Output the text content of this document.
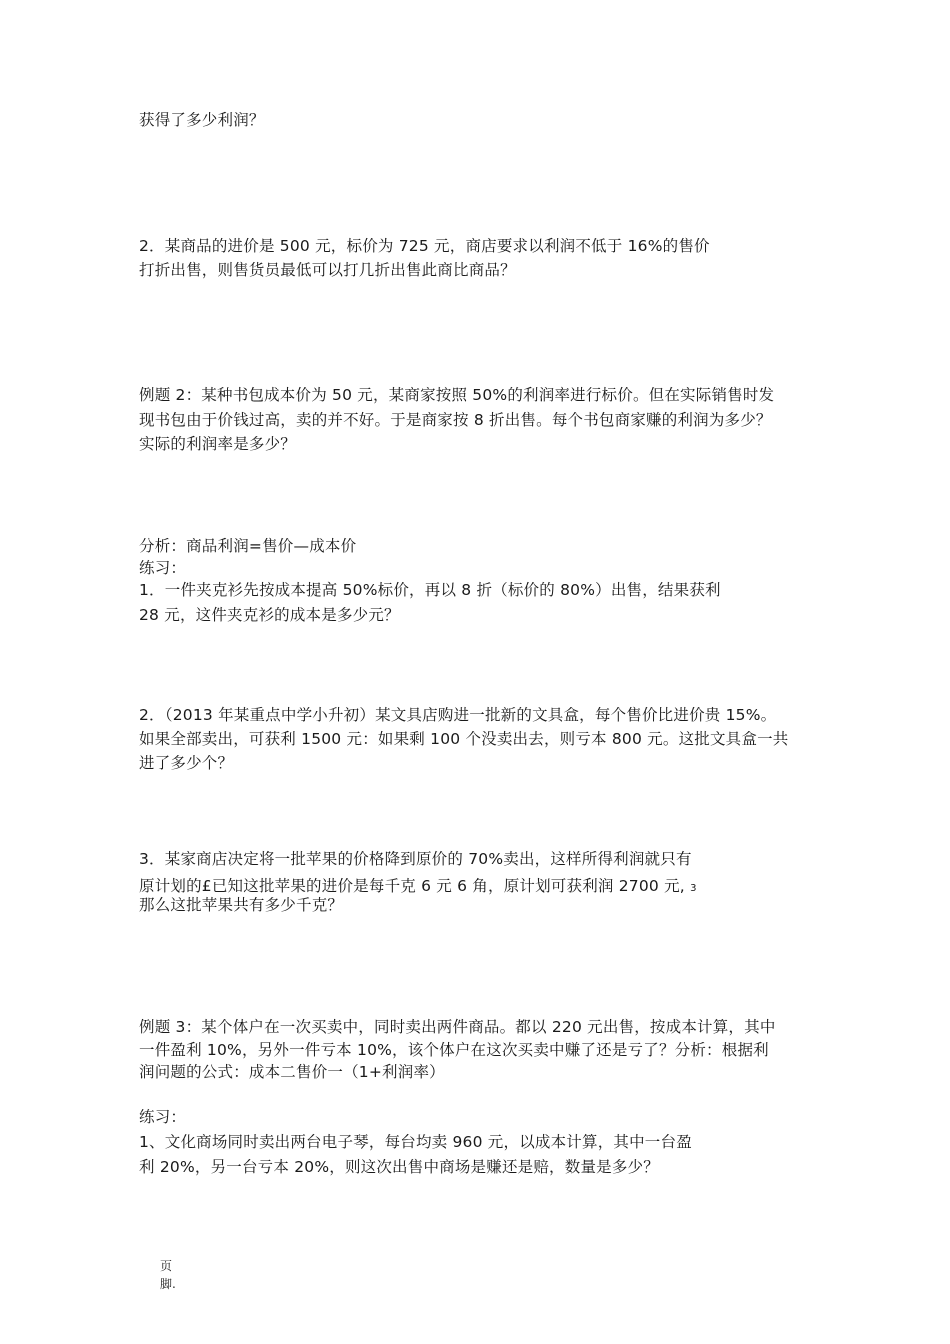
获得了多少利润？
2．某商品的进价是 500 元，标价为 725 元，商店要求以利润不低于 16%的售价
打折出售，则售货员最低可以打几折出售此商比商品？
例题 2：某种书包成本价为 50 元，某商家按照 50%的利润率进行标价。但在实际销售时发
现书包由于价钱过高，卖的并不好。于是商家按 8 折出售。每个书包商家赚的利润为多少？
实际的利润率是多少？
分析：商品利润=售价—成本价
练习：
1．一件夹克衫先按成本提高 50%标价，再以 8 折（标价的 80%）出售，结果获利
28 元，这件夹克衫的成本是多少元？
2．（2013 年某重点中学小升初）某文具店购进一批新的文具盒，每个售价比进价贵 15%。
如果全部卖出，可获利 1500 元：如果剩 100 个没卖出去，则亏本 800 元。这批文具盒一共
进了多少个？
3．某家商店决定将一批苹果的价格降到原价的 70%卖出，这样所得利润就只有
原计划的£已知这批苹果的进价是每千克 6 元 6 角，原计划可获利润 2700 元, 3
那么这批苹果共有多少千克？
例题 3：某个体户在一次买卖中，同时卖出两件商品。都以 220 元出售，按成本计算，其中
一件盈利 10%，另外一件亏本 10%，该个体户在这次买卖中赚了还是亏了？分析：根据利
润问题的公式：成本二售价一（1+利润率）
练习：
1、文化商场同时卖出两台电子琴，每台均卖 960 元，以成本计算，其中一台盈
利 20%，另一台亏本 20%，则这次出售中商场是赚还是赔，数量是多少？
页
脚.
